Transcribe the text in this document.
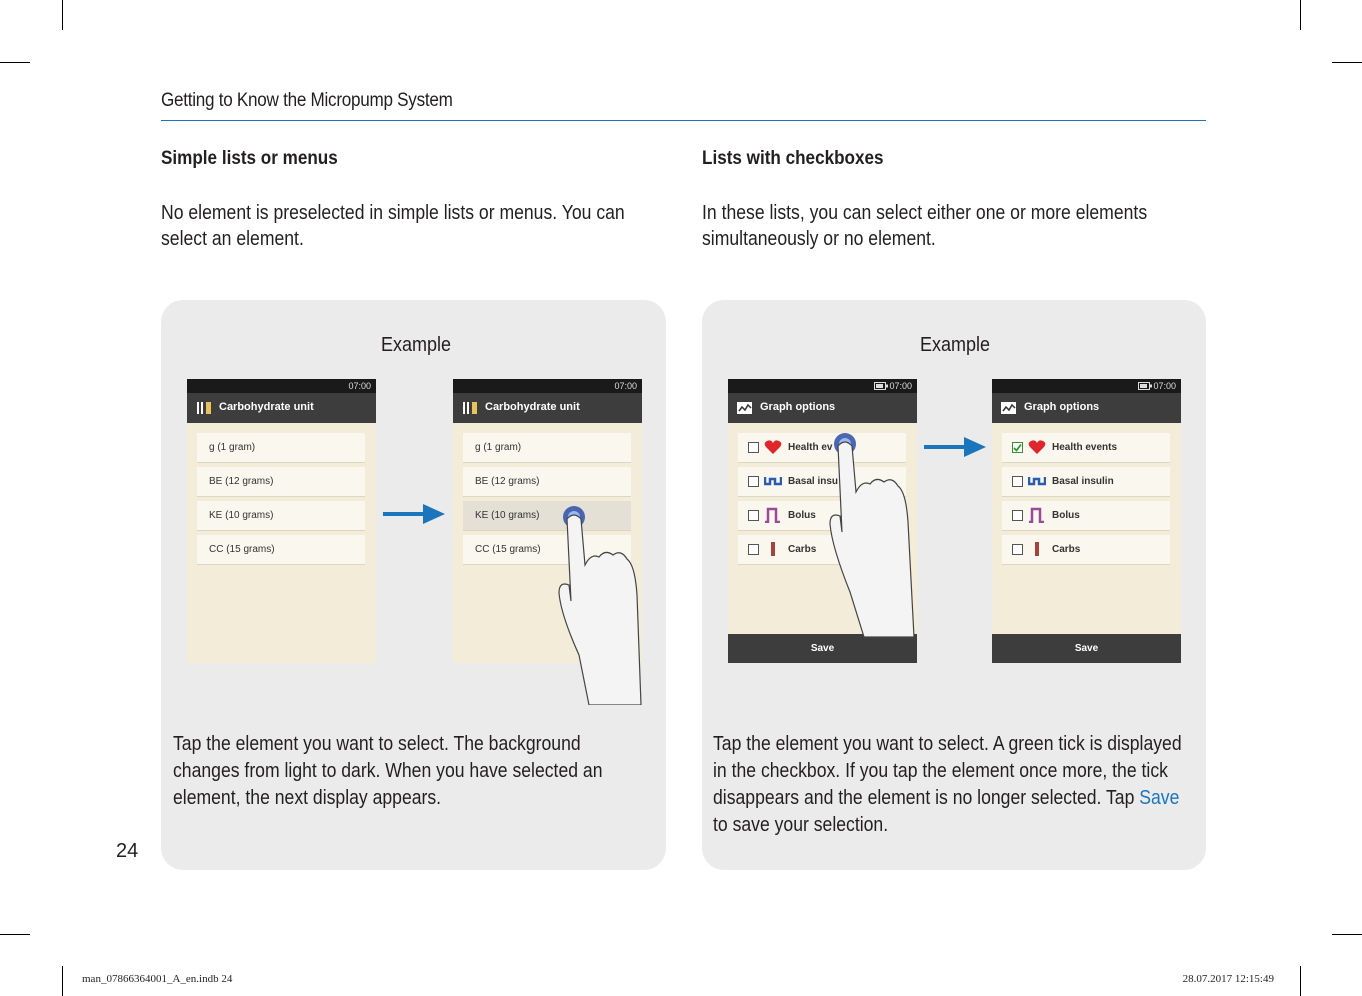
Getting to Know the Micropump System
Simple lists or menus
No element is preselected in simple lists or menus. You can select an element.
Lists with checkboxes
In these lists, you can select either one or more elements simultaneously or no element.
Example
07:00
Carbohydrate unit
g (1 gram)
BE (12 grams)
KE (10 grams)
CC (15 grams)
07:00
Carbohydrate unit
g (1 gram)
BE (12 grams)
KE (10 grams)
CC (15 grams)
Tap the element you want to select. The background changes from light to dark. When you have selected an element, the next display appears.
Example
07:00
Graph options
Health ev
Basal insu
Bolus
Carbs
Save
07:00
Graph options
Health events
Basal insulin
Bolus
Carbs
Save
Tap the element you want to select. A green tick is displayed in the checkbox. If you tap the element once more, the tick disappears and the element is no longer selected. Tap Save to save your selection.
24
man_07866364001_A_en.indb 24	28.07.2017 12:15:49
